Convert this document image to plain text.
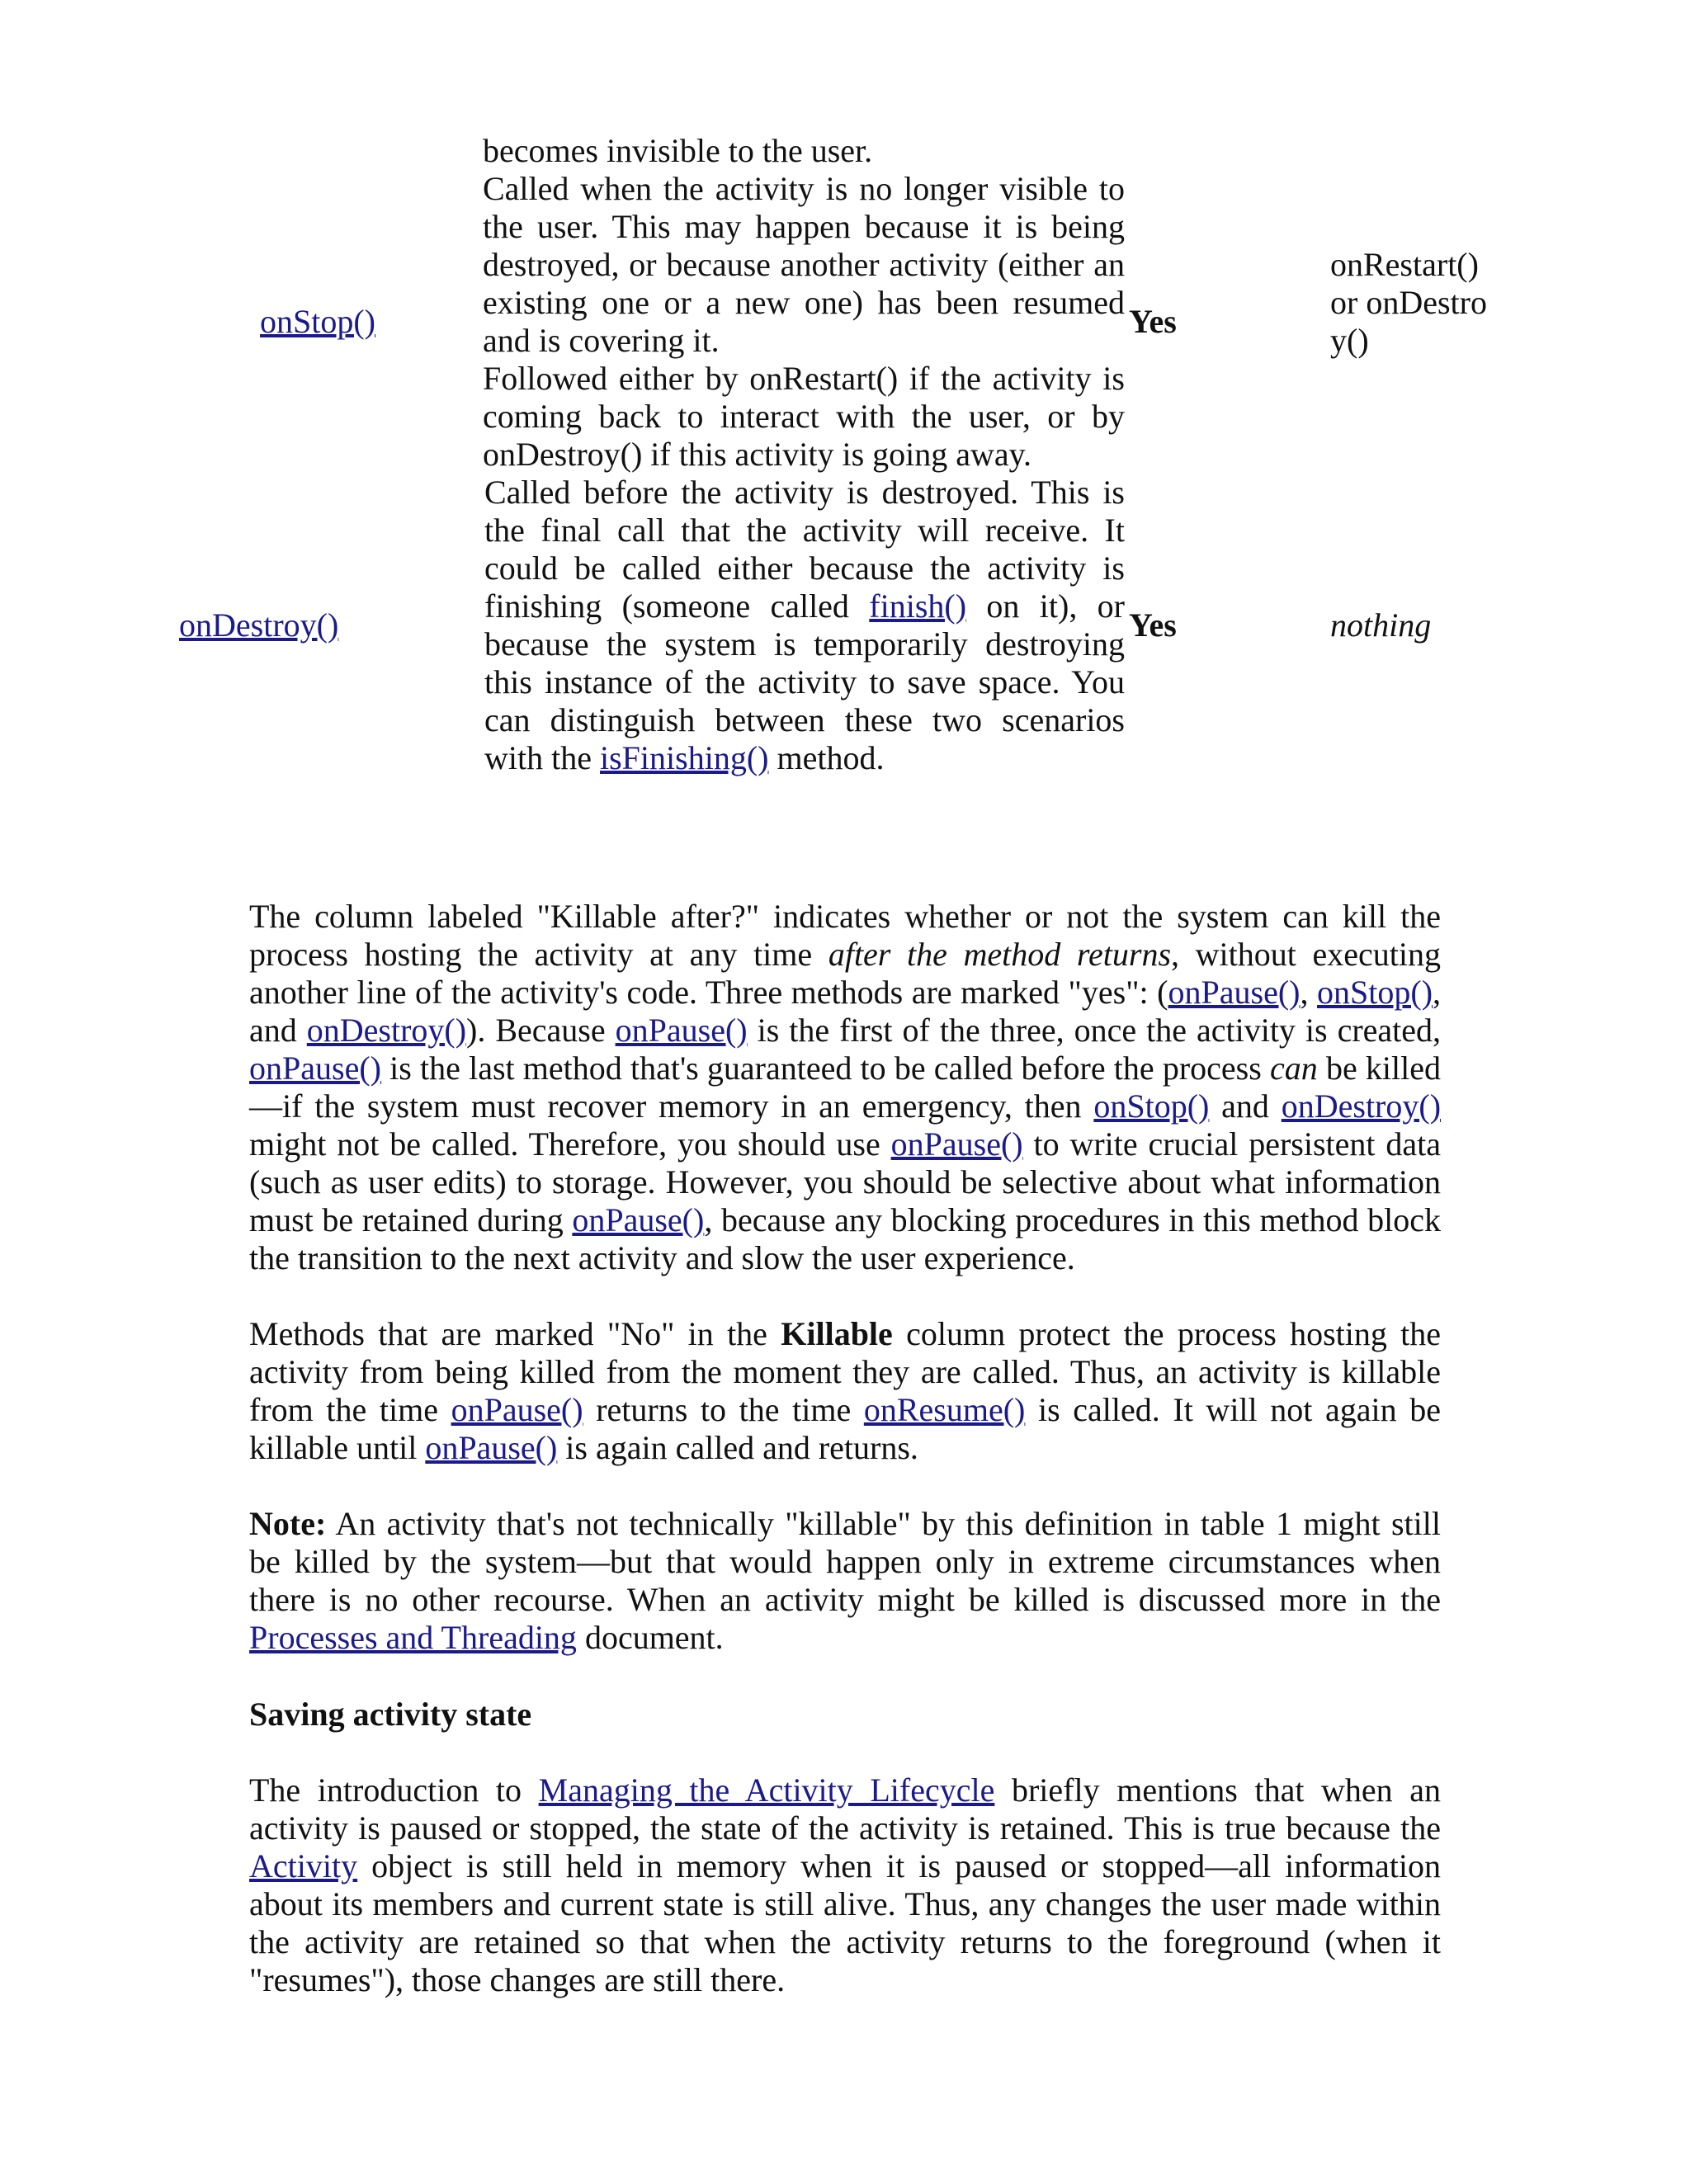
becomes invisible to the user.
onStop()
Called when the activity is no longer visible to the user. This may happen because it is being destroyed, or because another activity (either an existing one or a new one) has been resumed and is covering it.
Followed either by onRestart() if the activity is coming back to interact with the user, or by onDestroy() if this activity is going away.
Yes
onRestart() or onDestroy()
onDestroy()
Called before the activity is destroyed. This is the final call that the activity will receive. It could be called either because the activity is finishing (someone called finish() on it), or because the system is temporarily destroying this instance of the activity to save space. You can distinguish between these two scenarios with the isFinishing() method.
Yes	nothing

The column labeled "Killable after?" indicates whether or not the system can kill the process hosting the activity at any time after the method returns, without executing another line of the activity's code. Three methods are marked "yes": (onPause(), onStop(), and onDestroy()). Because onPause() is the first of the three, once the activity is created, onPause() is the last method that's guaranteed to be called before the process can be killed—if the system must recover memory in an emergency, then onStop() and onDestroy() might not be called. Therefore, you should use onPause() to write crucial persistent data (such as user edits) to storage. However, you should be selective about what information must be retained during onPause(), because any blocking procedures in this method block the transition to the next activity and slow the user experience.

Methods that are marked "No" in the Killable column protect the process hosting the activity from being killed from the moment they are called. Thus, an activity is killable from the time onPause() returns to the time onResume() is called. It will not again be killable until onPause() is again called and returns.

Note: An activity that's not technically "killable" by this definition in table 1 might still be killed by the system—but that would happen only in extreme circumstances when there is no other recourse. When an activity might be killed is discussed more in the Processes and Threading document.

Saving activity state

The introduction to Managing the Activity Lifecycle briefly mentions that when an activity is paused or stopped, the state of the activity is retained. This is true because the Activity object is still held in memory when it is paused or stopped—all information about its members and current state is still alive. Thus, any changes the user made within the activity are retained so that when the activity returns to the foreground (when it "resumes"), those changes are still there.
